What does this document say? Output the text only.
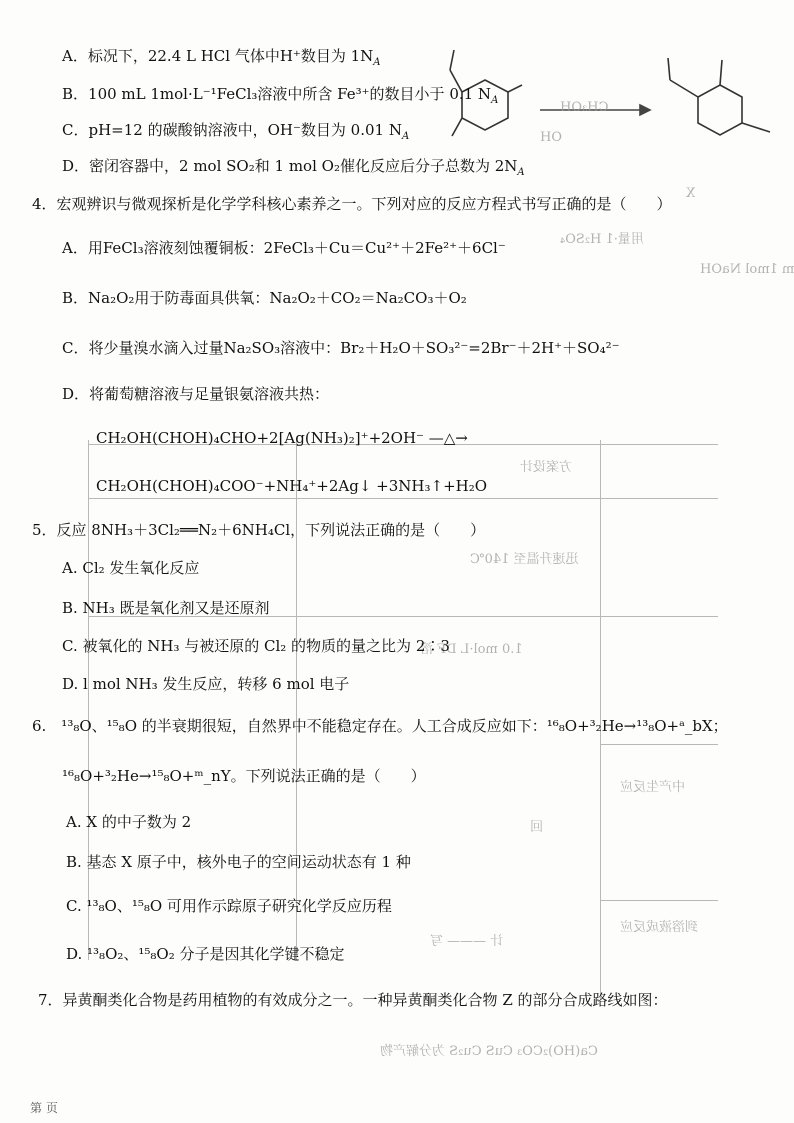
X
m 1mol NaOH
OH
CH₃OH
方案设计
迅速升温至 140℃
1.0 mol·L DF 溶
中产生反应
回
到溶液成反应
计 ——— 写
Ca(HO)₂CO₃ CuS Cu₂S 为分解产物
用量·1 H₂SO₄
A．标况下，22.4 L HCl 气体中H⁺数目为 $1N_A$
B．100 mL 1mol·L⁻¹FeCl₃溶液中所含 Fe³⁺的数目小于 0.1 $N_A$
C．pH=12 的碳酸钠溶液中，OH⁻数目为 0.01 $N_A$
D．密闭容器中，2 mol SO₂和 1 mol O₂催化反应后分子总数为 $2N_A$
4．宏观辨识与微观探析是化学学科核心素养之一。下列对应的反应方程式书写正确的是（　　）
A．用FeCl₃溶液刻蚀覆铜板：2FeCl₃＋Cu＝Cu²⁺＋2Fe²⁺＋6Cl⁻
B．Na₂O₂用于防毒面具供氧：Na₂O₂＋CO₂＝Na₂CO₃＋O₂
C．将少量溴水滴入过量Na₂SO₃溶液中：Br₂＋H₂O＋SO₃²⁻=2Br⁻＋2H⁺＋SO₄²⁻
D．将葡萄糖溶液与足量银氨溶液共热：
CH₂OH(CHOH)₄CHO+2[Ag(NH₃)₂]⁺+2OH⁻ —△→
CH₂OH(CHOH)₄COO⁻+NH₄⁺+2Ag↓ +3NH₃↑+H₂O
5．反应 8NH₃＋3Cl₂══N₂＋6NH₄Cl，下列说法正确的是（　　）
A. Cl₂ 发生氧化反应
B. NH₃ 既是氧化剂又是还原剂
C. 被氧化的 NH₃ 与被还原的 Cl₂ 的物质的量之比为 2∶3
D. l mol NH₃ 发生反应，转移 6 mol 电子
6.　¹³₈O、¹⁵₈O 的半衰期很短，自然界中不能稳定存在。人工合成反应如下：¹⁶₈O+³₂He→¹³₈O+ᵃ_bX；
¹⁶₈O+³₂He→¹⁵₈O+ᵐ_nY。下列说法正确的是（　　）
A. X 的中子数为 2
B. 基态 X 原子中，核外电子的空间运动状态有 1 种
C. ¹³₈O、¹⁵₈O 可用作示踪原子研究化学反应历程
D. ¹³₈O₂、¹⁵₈O₂ 分子是因其化学键不稳定
7．异黄酮类化合物是药用植物的有效成分之一。一种异黄酮类化合物 Z 的部分合成路线如图：
第 页
